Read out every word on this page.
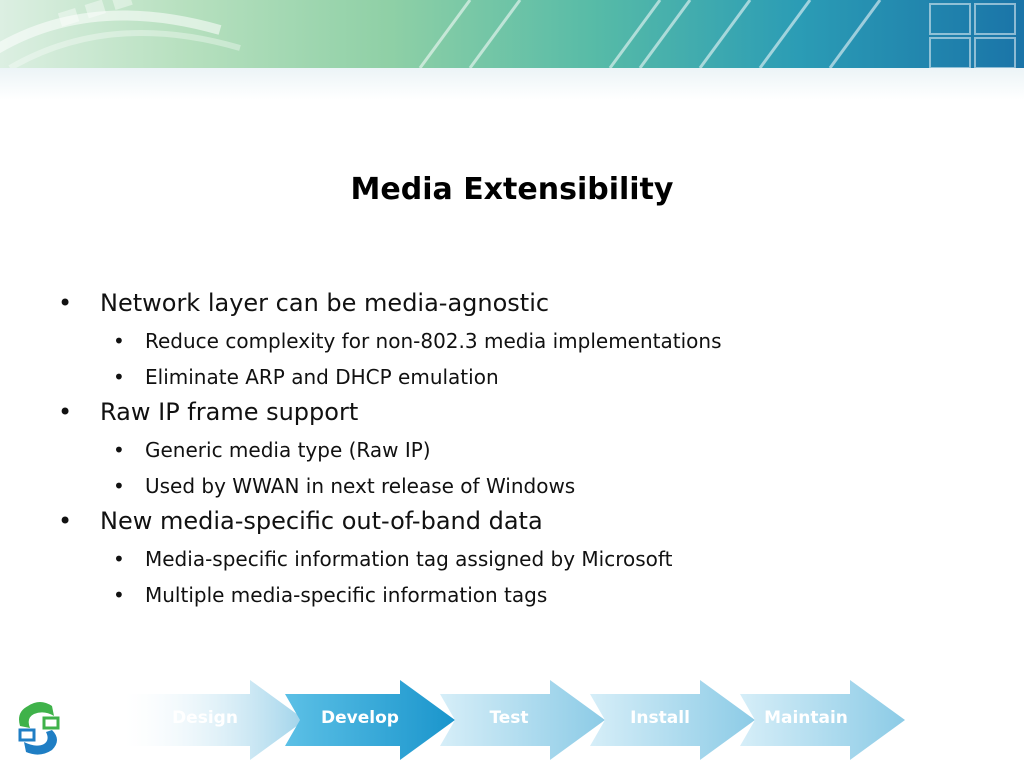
Media Extensibility
• Network layer can be media-agnostic
• Reduce complexity for non-802.3 media implementations
• Eliminate ARP and DHCP emulation
• Raw IP frame support
• Generic media type (Raw IP)
• Used by WWAN in next release of Windows
• New media-specific out-of-band data
• Media-specific information tag assigned by Microsoft
• Multiple media-specific information tags
Design	Develop	Test	Install	Maintain
